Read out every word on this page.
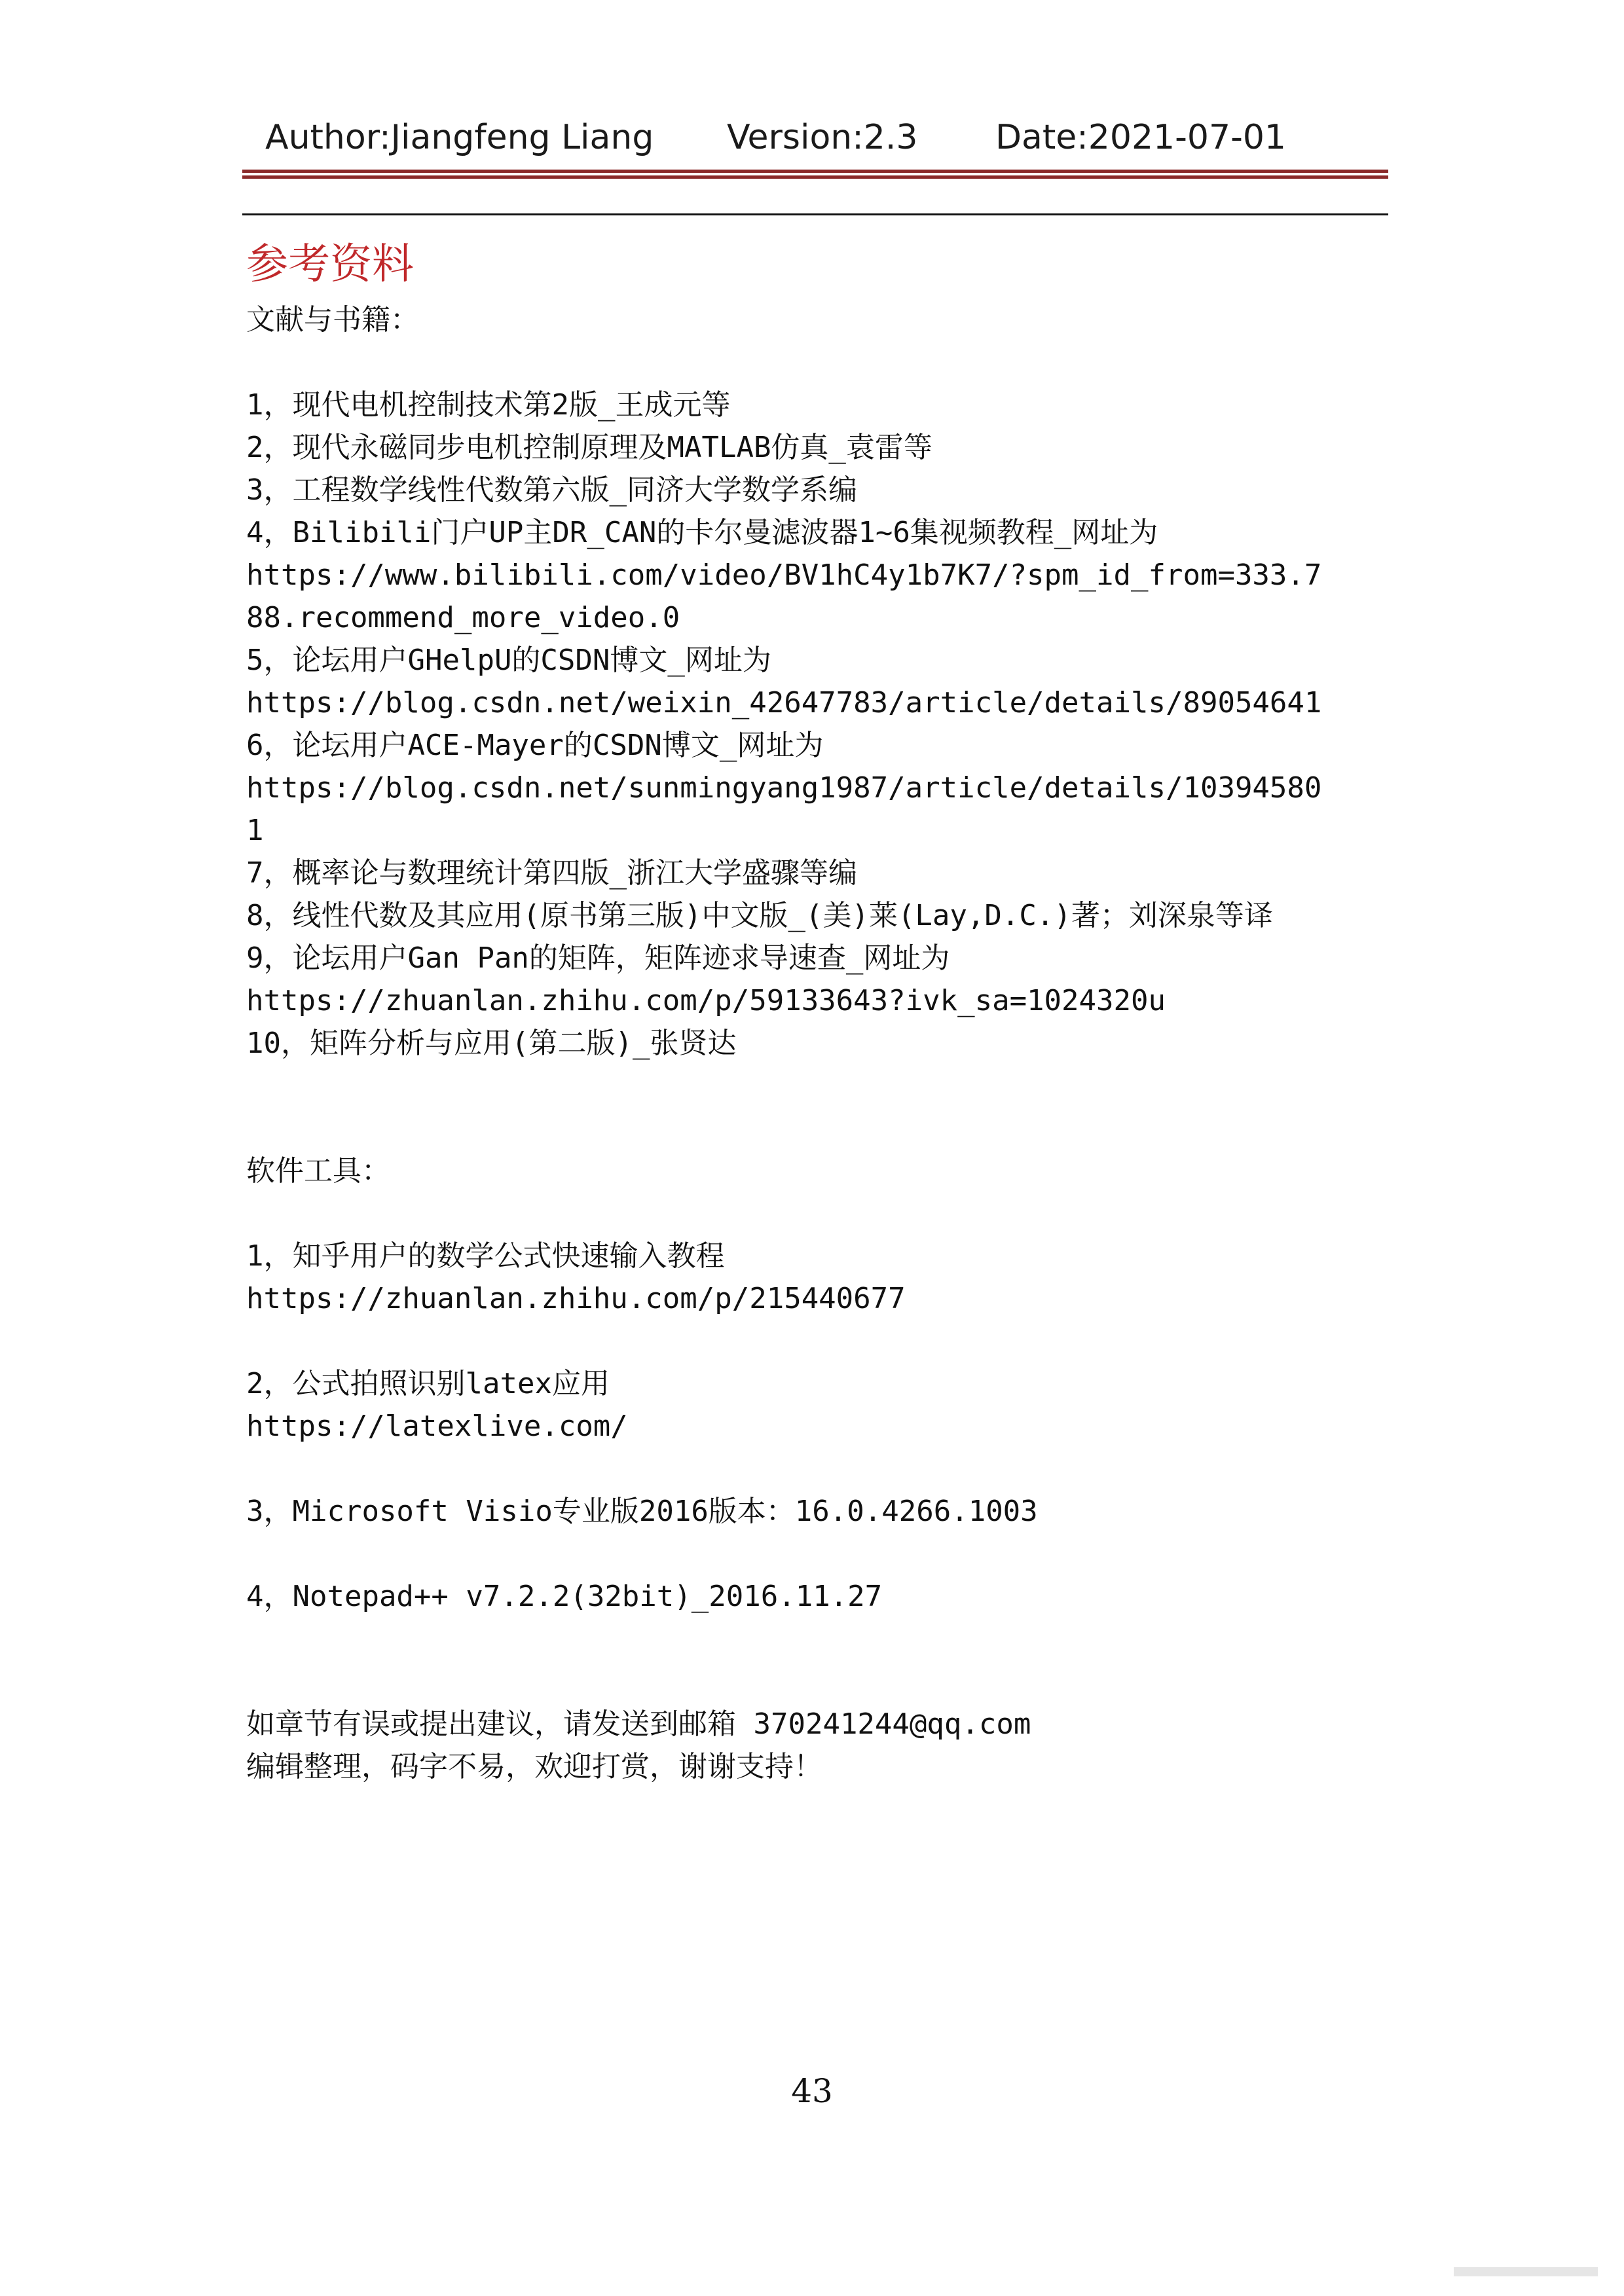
Author:Jiangfeng Liang Version:2.3 Date:2021-07-01
参考资料
文献与书籍：
1，现代电机控制技术第2版_王成元等
2，现代永磁同步电机控制原理及MATLAB仿真_袁雷等
3，工程数学线性代数第六版_同济大学数学系编
4，Bilibili门户UP主DR_CAN的卡尔曼滤波器1~6集视频教程_网址为
https://www.bilibili.com/video/BV1hC4y1b7K7/?spm_id_from=333.7
88.recommend_more_video.0
5，论坛用户GHelpU的CSDN博文_网址为
https://blog.csdn.net/weixin_42647783/article/details/89054641
6，论坛用户ACE-Mayer的CSDN博文_网址为
https://blog.csdn.net/sunmingyang1987/article/details/10394580
1
7，概率论与数理统计第四版_浙江大学盛骤等编
8，线性代数及其应用(原书第三版)中文版_(美)莱(Lay,D.C.)著；刘深泉等译
9，论坛用户Gan Pan的矩阵，矩阵迹求导速查_网址为
https://zhuanlan.zhihu.com/p/59133643?ivk_sa=1024320u
10，矩阵分析与应用(第二版)_张贤达
软件工具：
1，知乎用户的数学公式快速输入教程
https://zhuanlan.zhihu.com/p/215440677
2，公式拍照识别latex应用
https://latexlive.com/
3，Microsoft Visio专业版2016版本：16.0.4266.1003
4，Notepad++ v7.2.2(32bit)_2016.11.27
如章节有误或提出建议，请发送到邮箱 370241244@qq.com
编辑整理，码字不易，欢迎打赏，谢谢支持！
43
